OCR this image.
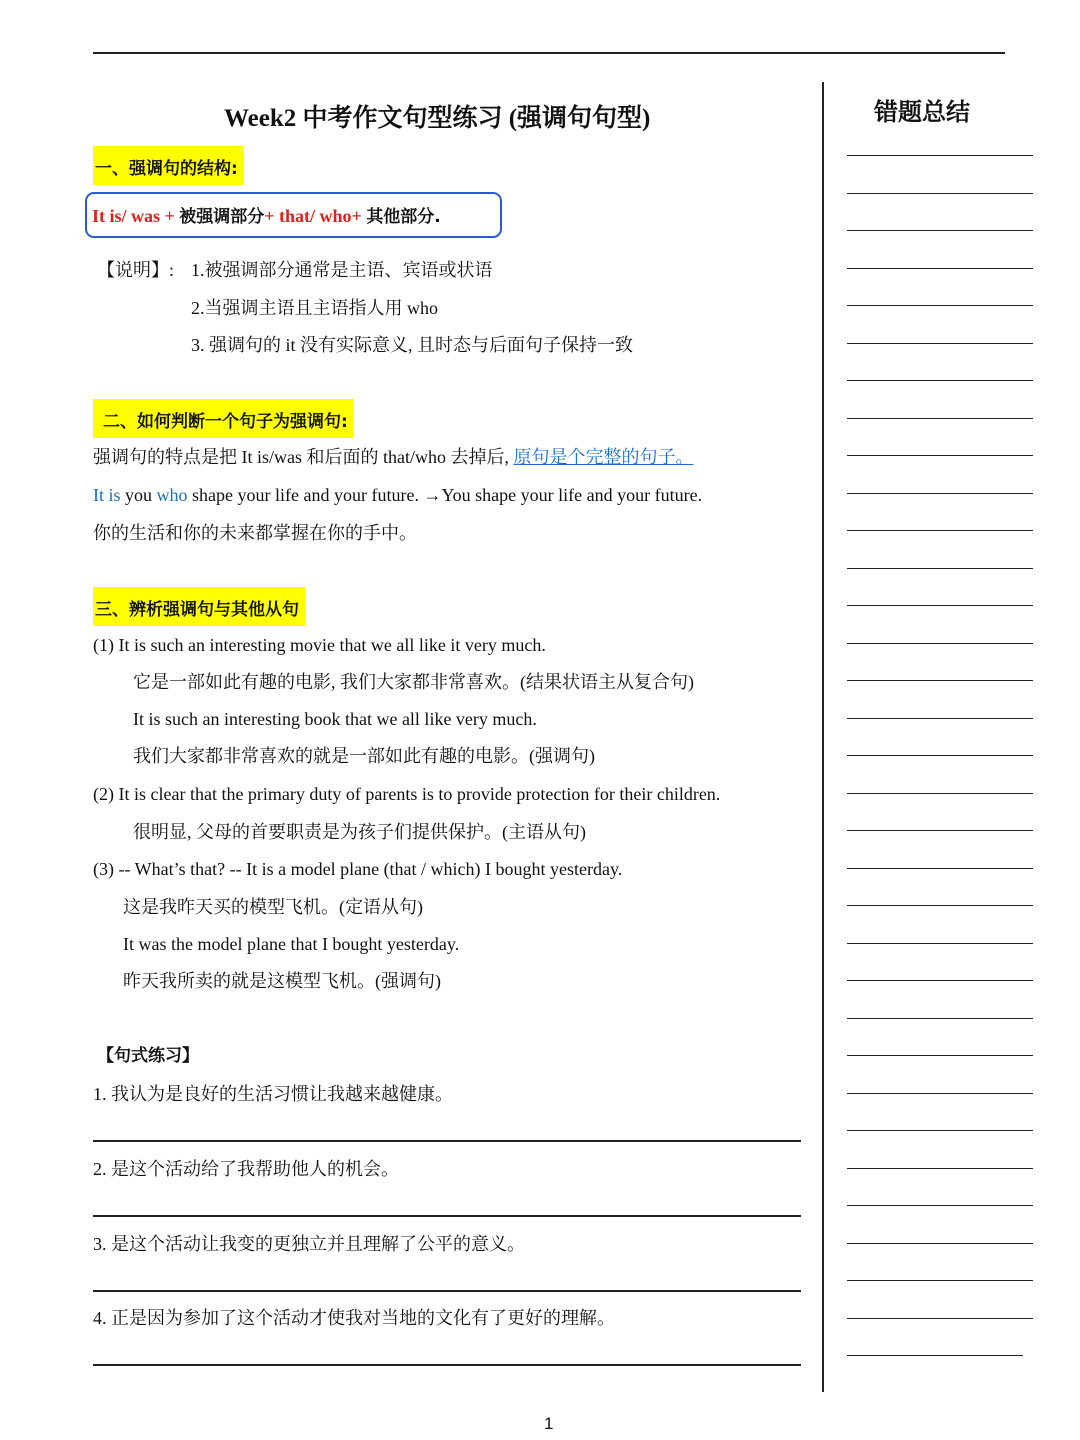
Week2 中考作文句型练习 (强调句句型)
一、强调句的结构:
It is/ was + 被强调部分+ that/ who+ 其他部分.
【说明】: 1.被强调部分通常是主语、宾语或状语
2.当强调主语且主语指人用 who
3. 强调句的 it 没有实际意义, 且时态与后面句子保持一致
二、如何判断一个句子为强调句:
强调句的特点是把 It is/was 和后面的 that/who 去掉后, 原句是个完整的句子。
It is you who shape your life and your future. →You shape your life and your future.
你的生活和你的未来都掌握在你的手中。
三、辨析强调句与其他从句
(1) It is such an interesting movie that we all like it very much.
它是一部如此有趣的电影, 我们大家都非常喜欢。(结果状语主从复合句)
It is such an interesting book that we all like very much.
我们大家都非常喜欢的就是一部如此有趣的电影。(强调句)
(2) It is clear that the primary duty of parents is to provide protection for their children.
很明显, 父母的首要职责是为孩子们提供保护。(主语从句)
(3) -- What’s that? -- It is a model plane (that / which) I bought yesterday.
这是我昨天买的模型飞机。(定语从句)
It was the model plane that I bought yesterday.
昨天我所卖的就是这模型飞机。(强调句)
【句式练习】
1. 我认为是良好的生活习惯让我越来越健康。
2. 是这个活动给了我帮助他人的机会。
3. 是这个活动让我变的更独立并且理解了公平的意义。
4. 正是因为参加了这个活动才使我对当地的文化有了更好的理解。
错题总结
1
